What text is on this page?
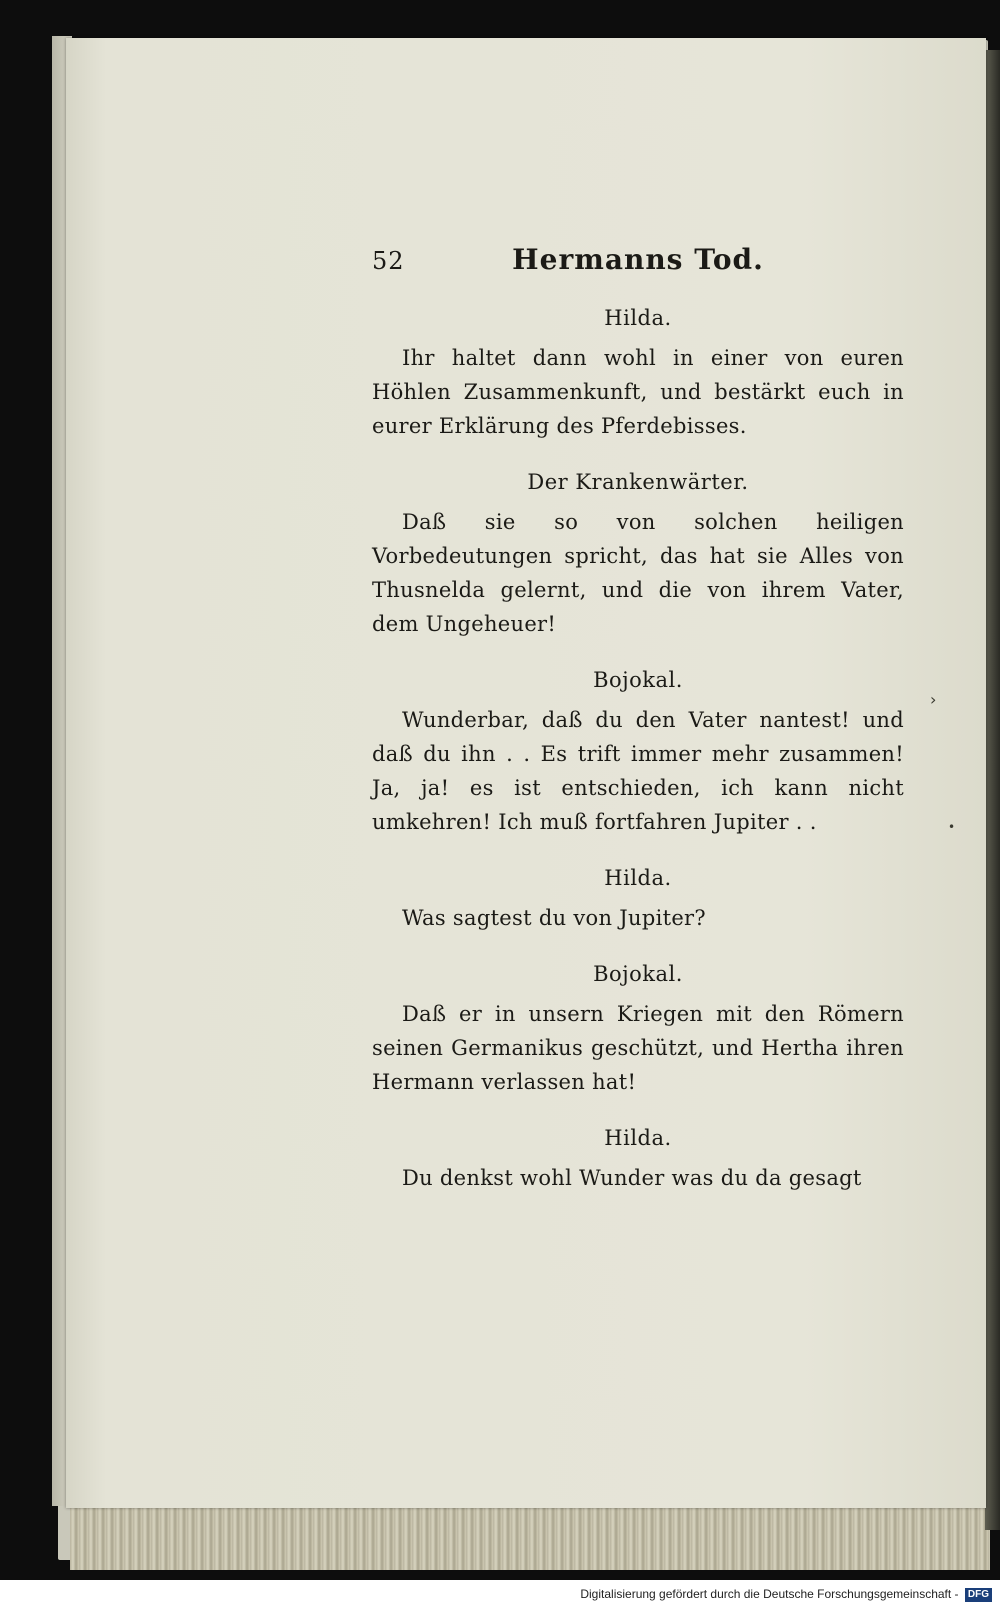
›
•
52	Hermanns Tod.

Hilda.

Ihr haltet dann wohl in einer von euren Höhlen Zusammenkunft, und bestärkt euch in eurer Erklärung des Pferdebisses.

Der Krankenwärter.

Daß sie so von solchen heiligen Vorbedeutungen spricht, das hat sie Alles von Thusnelda gelernt, und die von ihrem Vater, dem Ungeheuer!

Bojokal.

Wunderbar, daß du den Vater nantest! und daß du ihn . . Es trift immer mehr zusammen! Ja, ja! es ist entschieden, ich kann nicht umkehren! Ich muß fortfahren Jupiter . .

Hilda.

Was sagtest du von Jupiter?

Bojokal.

Daß er in unsern Kriegen mit den Römern seinen Germanikus geschützt, und Hertha ihren Hermann verlassen hat!

Hilda.

Du denkst wohl Wunder was du da gesagt

Digitalisierung gefördert durch die Deutsche Forschungsgemeinschaft - DFG
